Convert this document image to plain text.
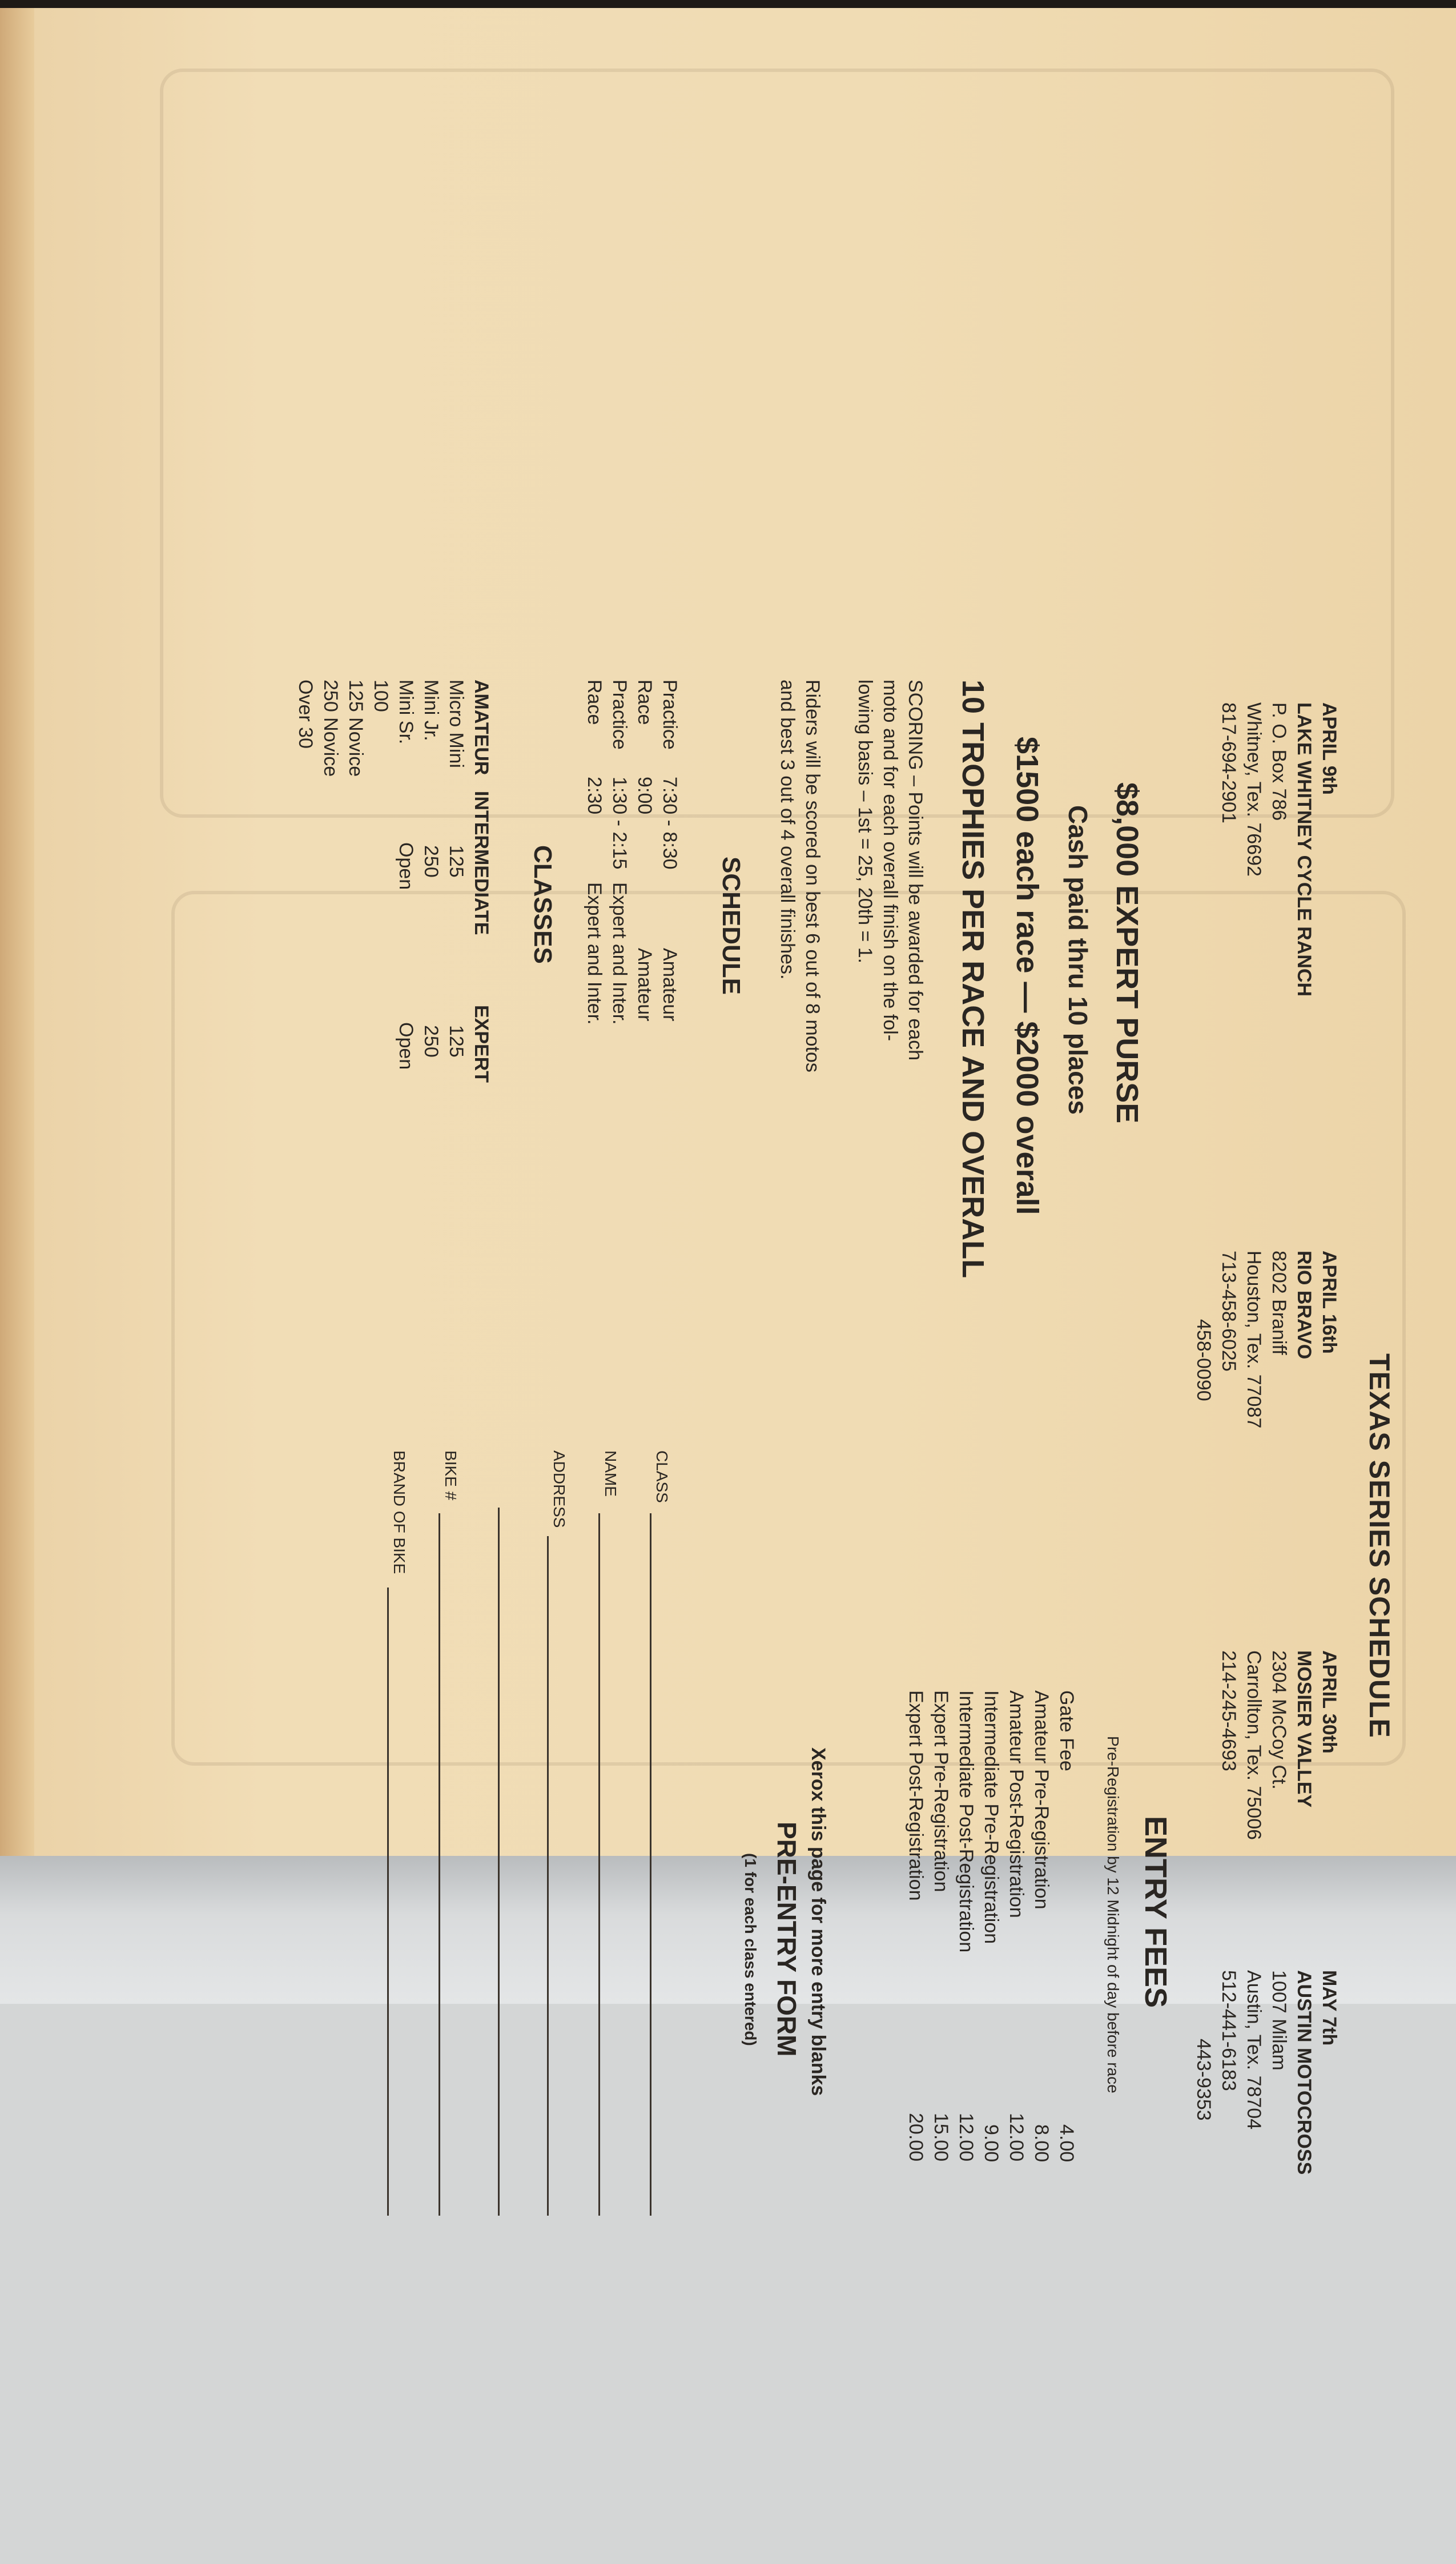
TEXAS SERIES SCHEDULE
APRIL 9th
LAKE WHITNEY CYCLE RANCH
P. O. Box 786
Whitney, Tex. 76692
817-694-2901
APRIL 16th
RIO BRAVO
8202 Braniff
Houston, Tex. 77087
713-458-6025
458-0090
APRIL 30th
MOSIER VALLEY
2304 McCoy Ct.
Carrollton, Tex. 75006
214-245-4693
MAY 7th
AUSTIN MOTOCROSS
1007 Milam
Austin, Tex. 78704
512-441-6183
443-9353
$8,000 EXPERT PURSE
Cash paid thru 10 places
$1500 each race — $2000 overall
10 TROPHIES PER RACE AND OVERALL
SCORING – Points will be awarded for each
moto and for each overall finish on the fol-
lowing basis – 1st = 25, 20th = 1.
Riders will be scored on best 6 out of 8 motos
and best 3 out of 4 overall finishes.
SCHEDULE
Practice
7:30 - 8:30
Amateur
Race
9:00
Amateur
Practice
1:30 - 2:15
Expert and Inter.
Race
2:30
Expert and Inter.
CLASSES
AMATEUR
INTERMEDIATE
EXPERT
Micro Mini
Mini Jr.
Mini Sr.
100
125 Novice
250 Novice
Over 30
125
250
Open
125
250
Open
ENTRY FEES
Pre-Registration by 12 Midnight of day before race
Gate Fee
4.00
Amateur Pre-Registration
8.00
Amateur Post-Registration
12.00
Intermediate Pre-Registration
9.00
Intermediate Post-Registration
12.00
Expert Pre-Registration
15.00
Expert Post-Registration
20.00
Xerox this page for more entry blanks
PRE-ENTRY FORM
(1 for each class entered)
CLASS
NAME
ADDRESS
BIKE #
BRAND OF BIKE
